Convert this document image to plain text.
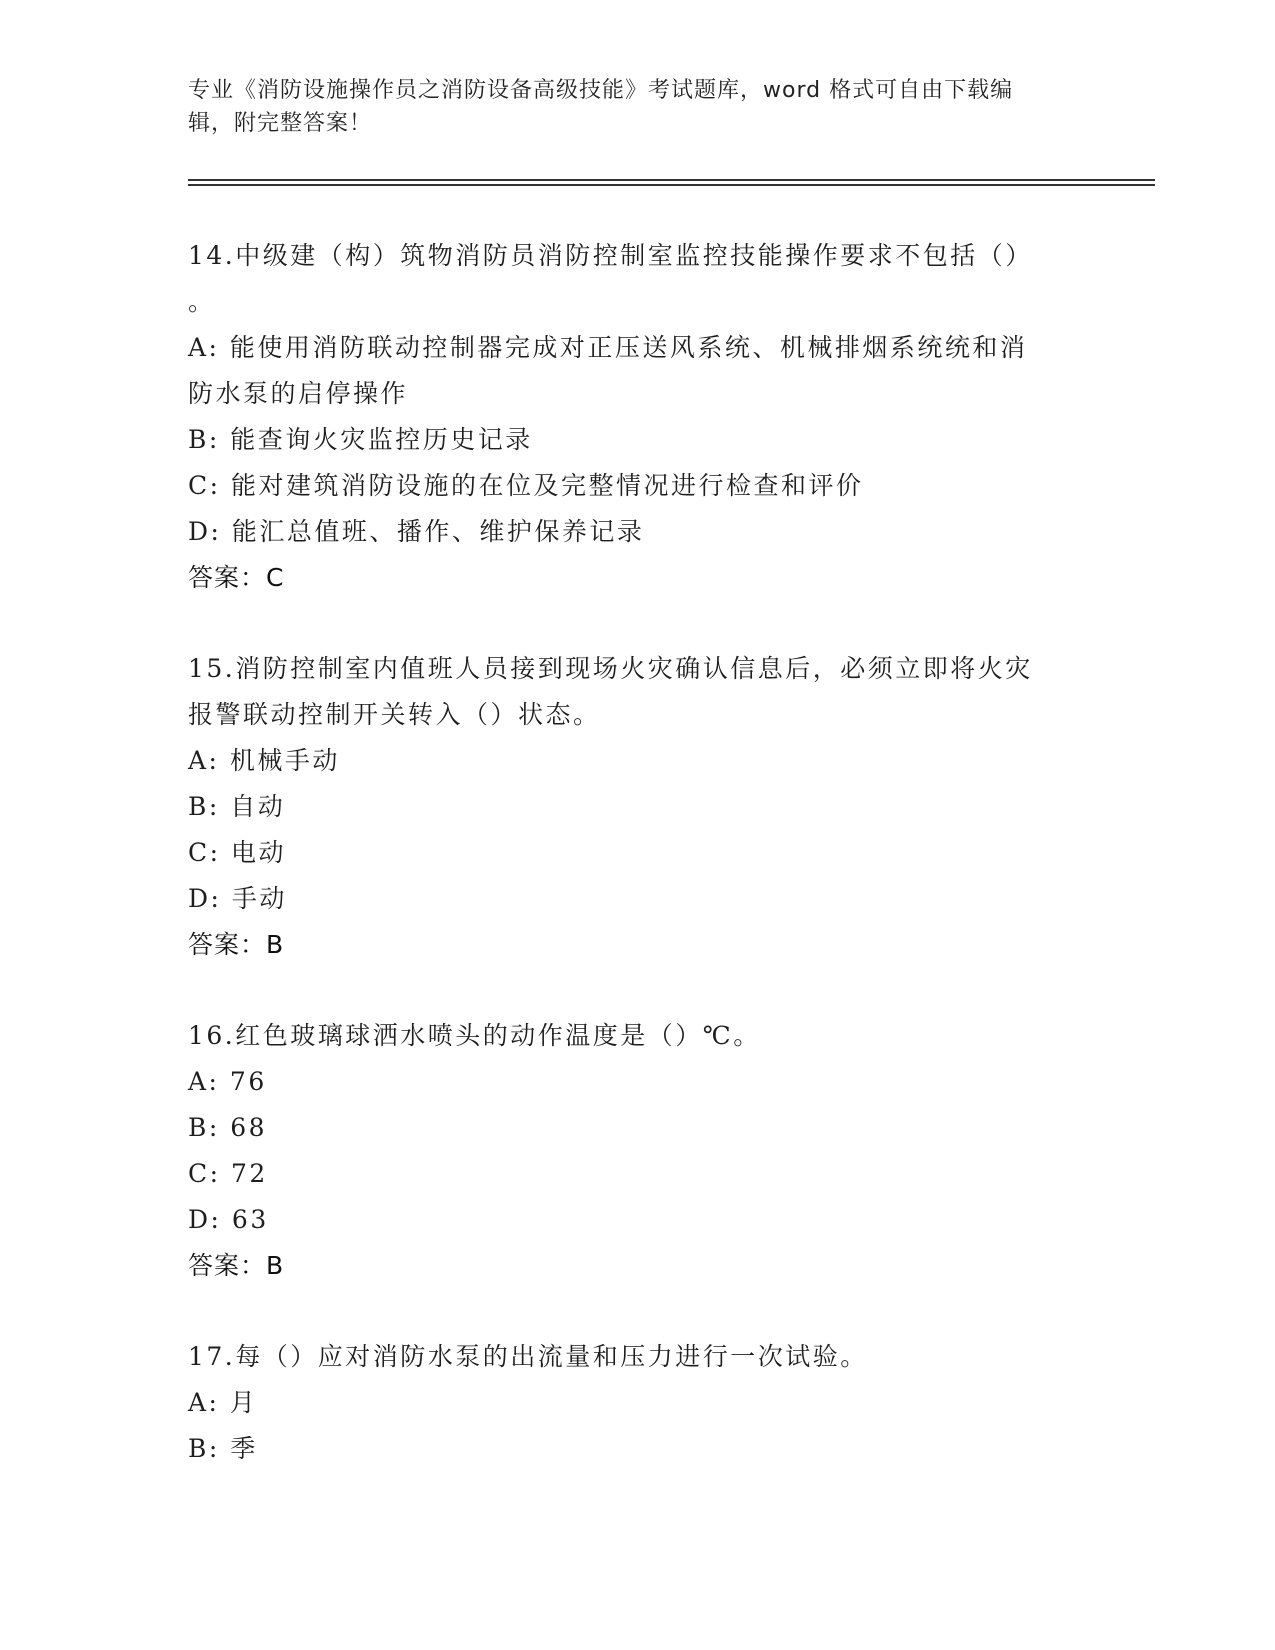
专业《消防设施操作员之消防设备高级技能》考试题库，word 格式可自由下载编
辑，附完整答案！
14.中级建（构）筑物消防员消防控制室监控技能操作要求不包括（）
。
A: 能使用消防联动控制器完成对正压送风系统、机械排烟系统统和消
防水泵的启停操作
B: 能查询火灾监控历史记录
C: 能对建筑消防设施的在位及完整情况进行检查和评价
D: 能汇总值班、播作、维护保养记录
答案：C
15.消防控制室内值班人员接到现场火灾确认信息后，必须立即将火灾
报警联动控制开关转入（）状态。
A: 机械手动
B: 自动
C: 电动
D: 手动
答案：B
16.红色玻璃球洒水喷头的动作温度是（）℃。
A: 76
B: 68
C: 72
D: 63
答案：B
17.每（）应对消防水泵的出流量和压力进行一次试验。
A: 月
B: 季
